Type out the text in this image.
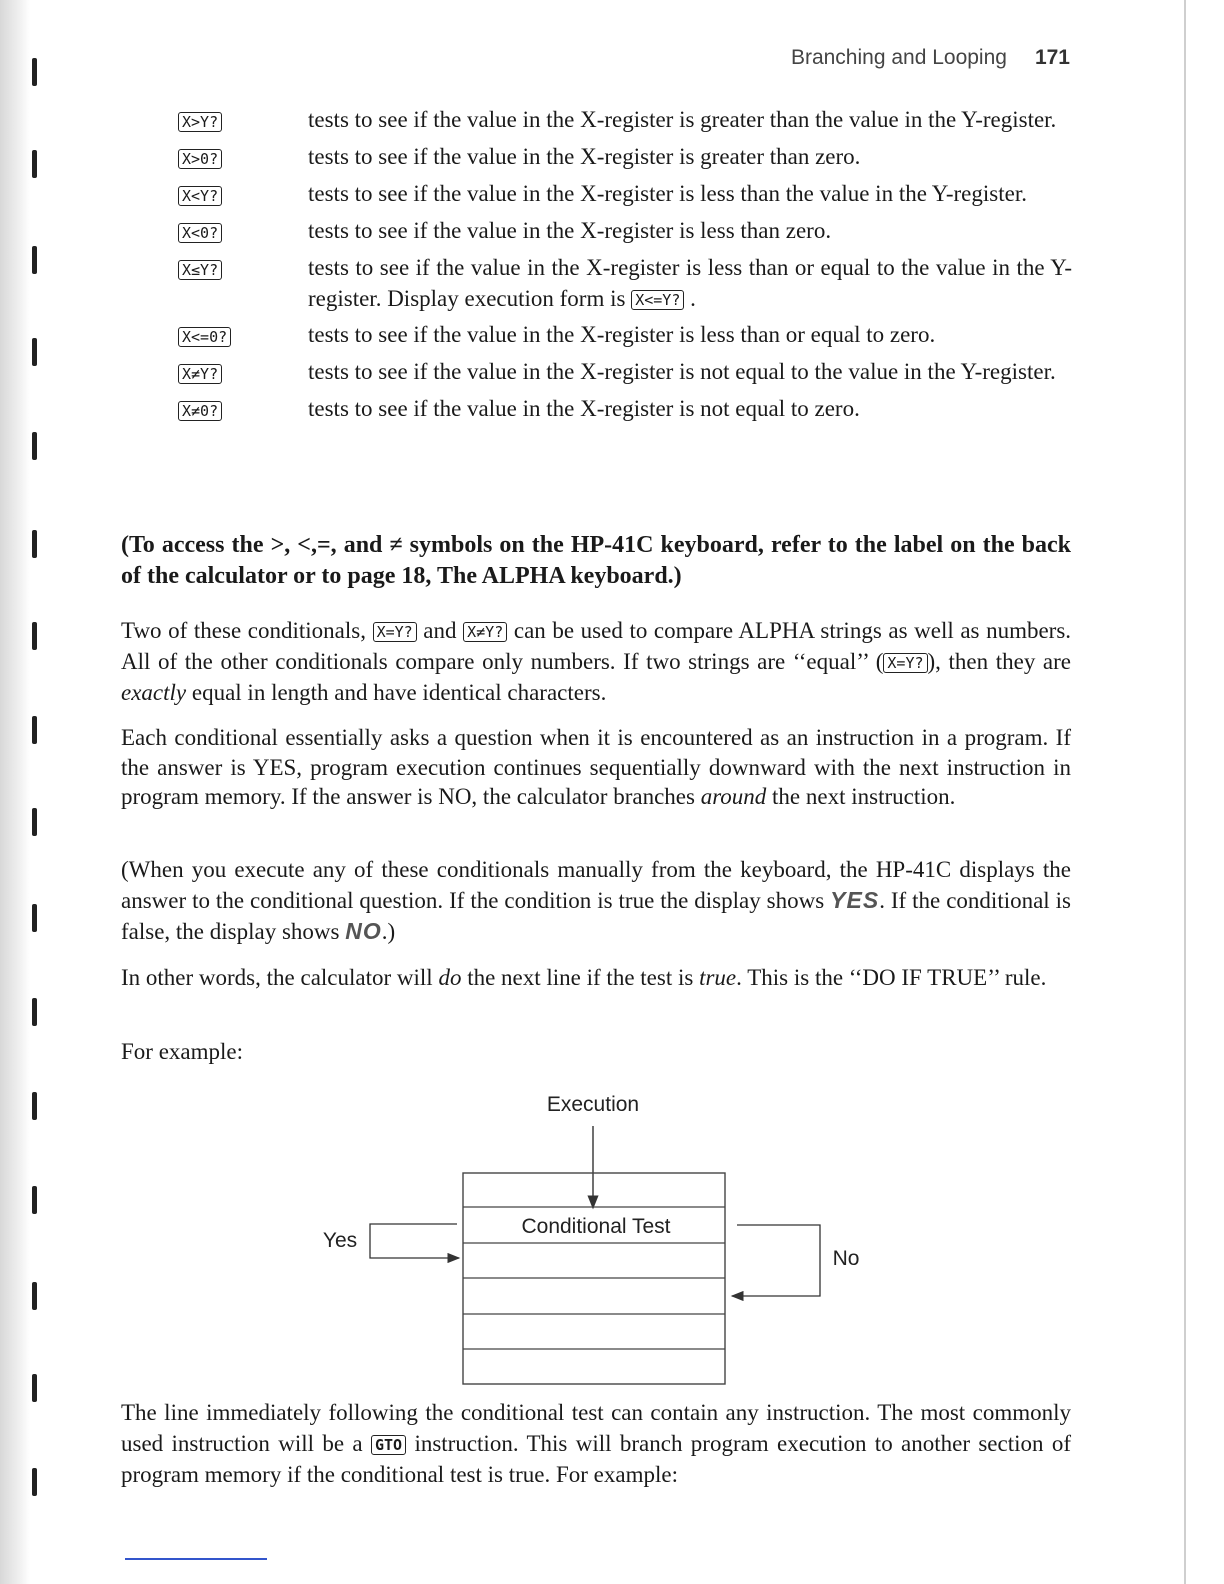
Branching and Looping 171
X>Y?	tests to see if the value in the X-register is greater than the value in the Y-register.
X>0?	tests to see if the value in the X-register is greater than zero.
X<Y?	tests to see if the value in the X-register is less than the value in the Y-register.
X<0?	tests to see if the value in the X-register is less than zero.
X≤Y?	tests to see if the value in the X-register is less than or equal to the value in the Y-register. Display execution form is X<=Y? .
X<=0?	tests to see if the value in the X-register is less than or equal to zero.
X≠Y?	tests to see if the value in the X-register is not equal to the value in the Y-register.
X≠0?	tests to see if the value in the X-register is not equal to zero.
(To access the >, <,=, and ≠ symbols on the HP-41C keyboard, refer to the label on the back of the calculator or to page 18, The ALPHA keyboard.)
Two of these conditionals, X=Y? and X≠Y? can be used to compare ALPHA strings as well as numbers. All of the other conditionals compare only numbers. If two strings are ‘‘equal’’ ( X=Y? ), then they are exactly equal in length and have identical characters.
Each conditional essentially asks a question when it is encountered as an instruction in a program. If the answer is YES, program execution continues sequentially downward with the next instruction in program memory. If the answer is NO, the calculator branches around the next instruction.
(When you execute any of these conditionals manually from the keyboard, the HP-41C displays the answer to the conditional question. If the condition is true the display shows YES. If the conditional is false, the display shows NO.)
In other words, the calculator will do the next line if the test is true. This is the ‘‘DO IF TRUE’’ rule.
For example:
Execution
Conditional Test
Yes
No
The line immediately following the conditional test can contain any instruction. The most commonly used instruction will be a GTO instruction. This will branch program execution to another section of program memory if the conditional test is true. For example:
